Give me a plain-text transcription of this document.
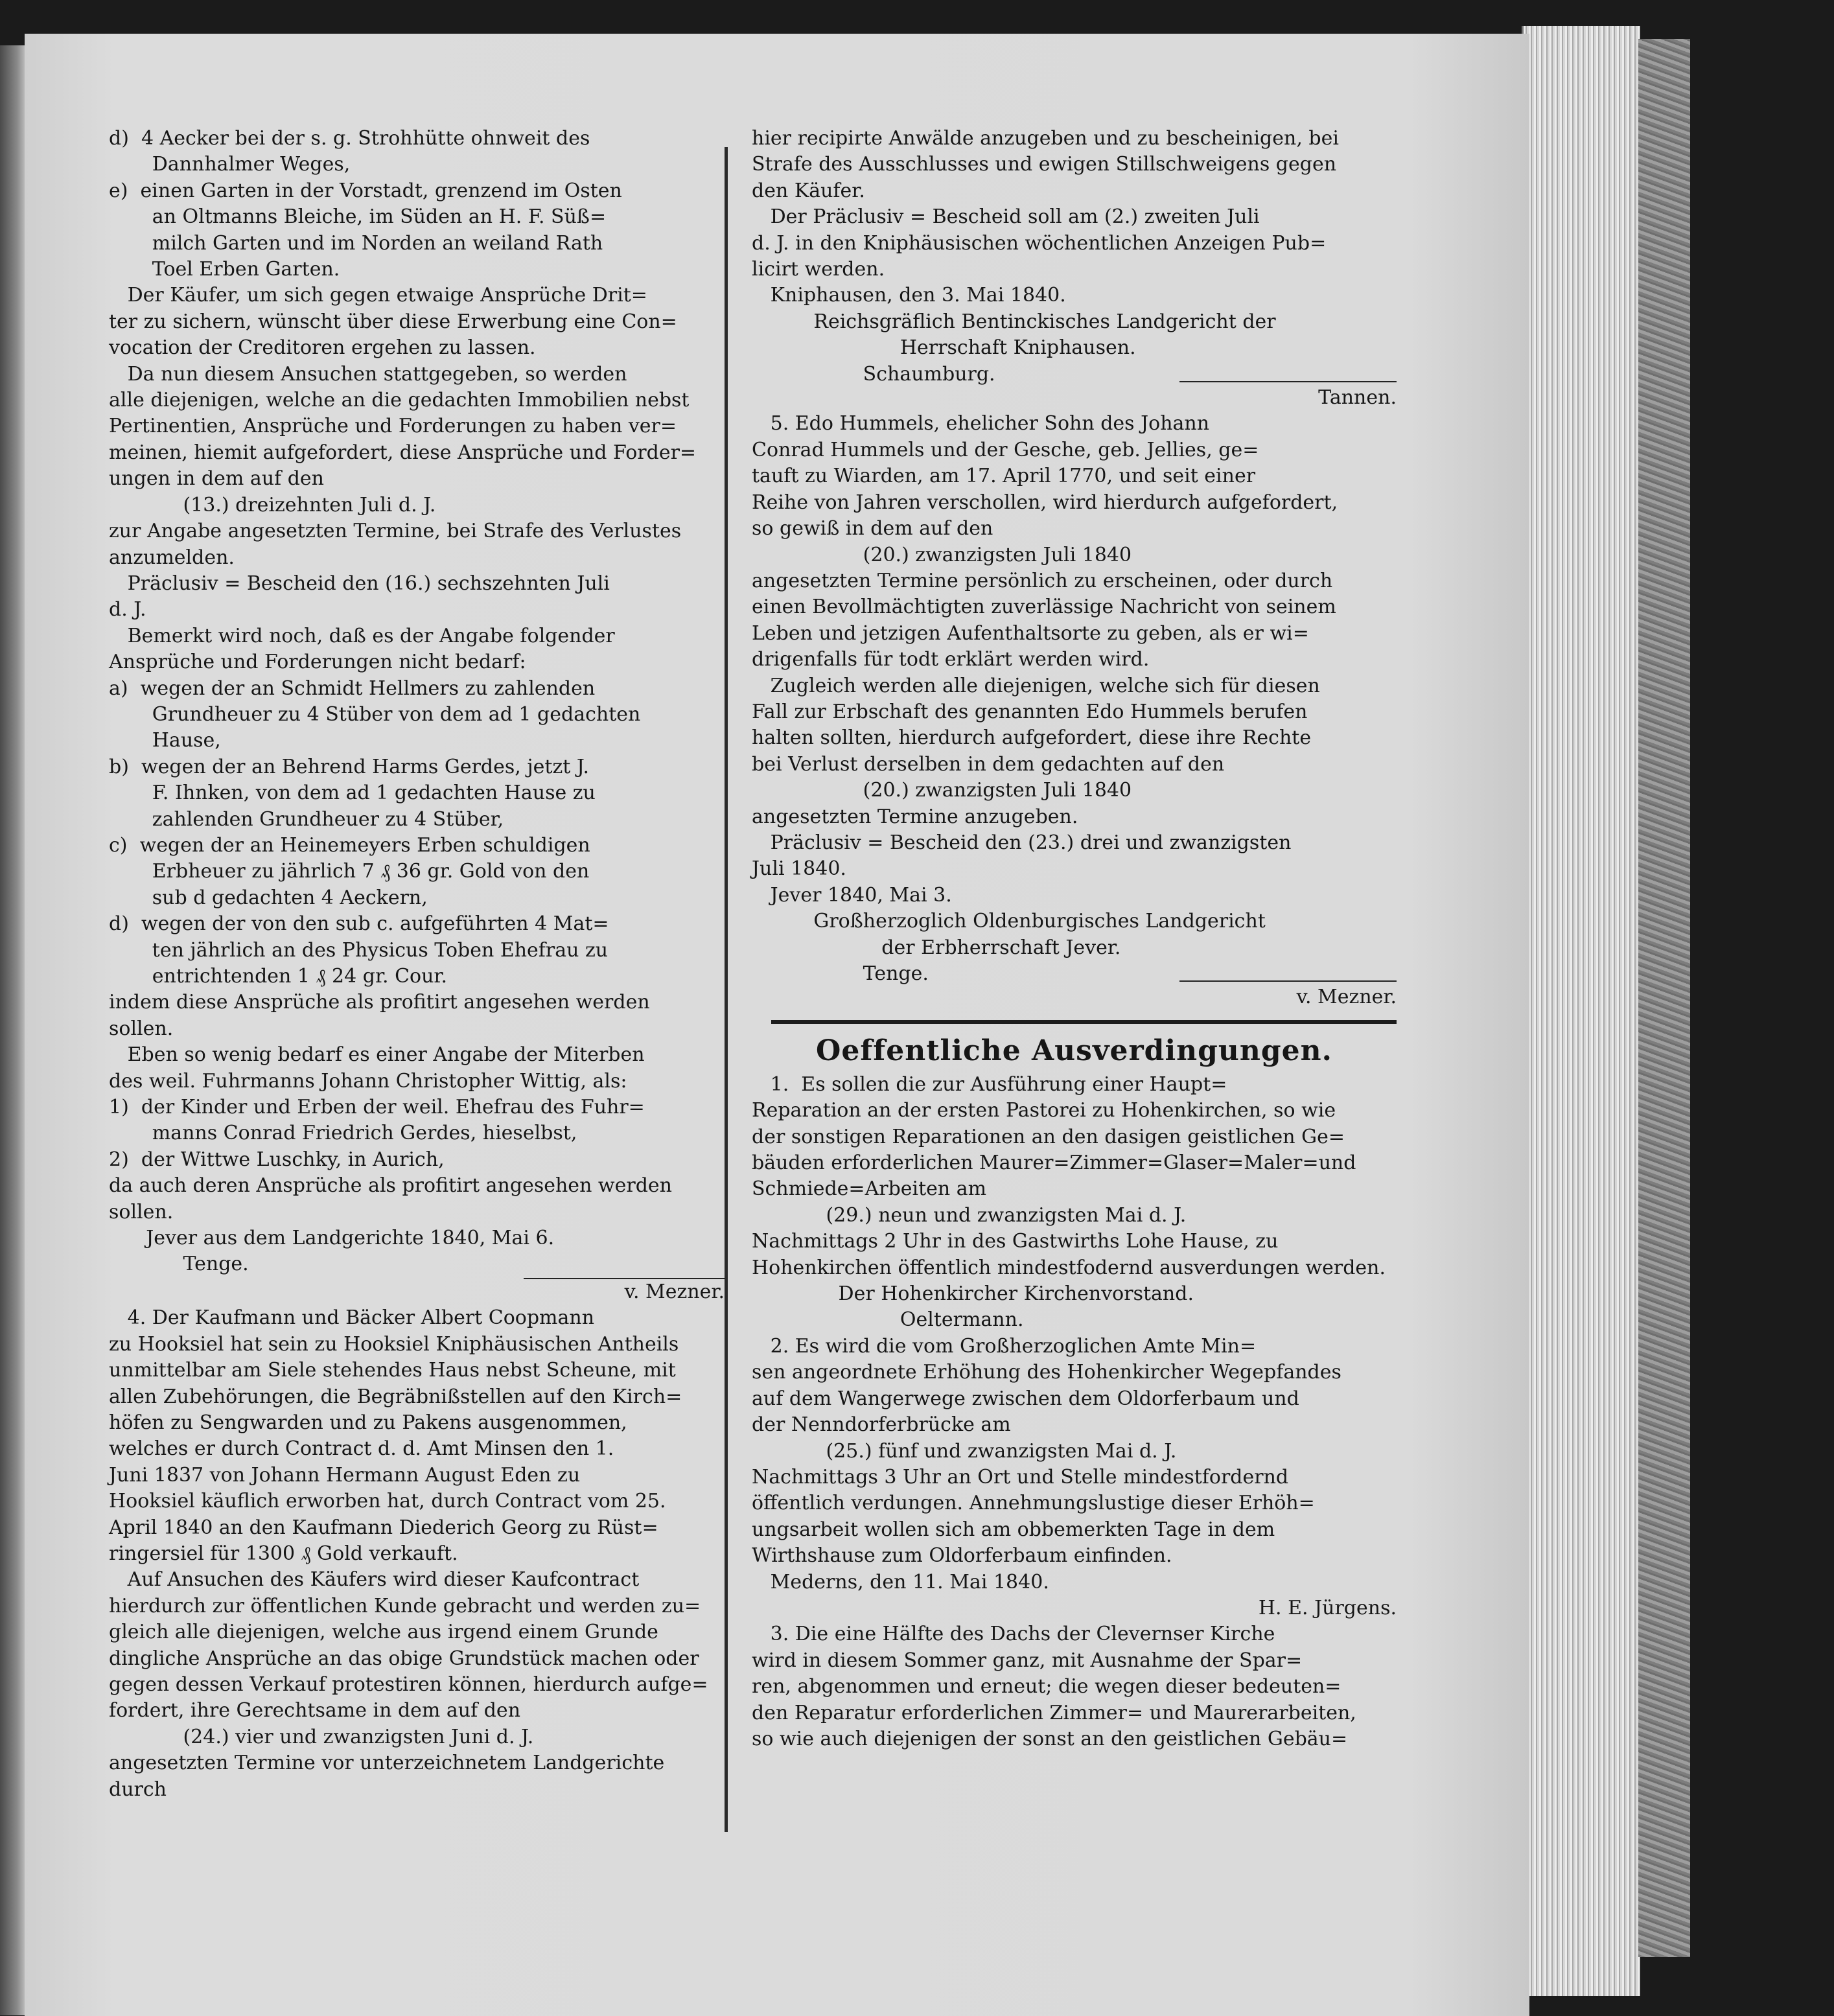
d)  4 Aecker bei der s. g. Strohhütte ohnweit des

Dannhalmer Weges,

e)  einen Garten in der Vorstadt, grenzend im Osten

an Oltmanns Bleiche, im Süden an H. F. Süß=

milch Garten und im Norden an weiland Rath

Toel Erben Garten.

Der Käufer, um sich gegen etwaige Ansprüche Drit=

ter zu sichern, wünscht über diese Erwerbung eine Con=

vocation der Creditoren ergehen zu lassen.

Da nun diesem Ansuchen stattgegeben, so werden

alle diejenigen, welche an die gedachten Immobilien nebst

Pertinentien, Ansprüche und Forderungen zu haben ver=

meinen, hiemit aufgefordert, diese Ansprüche und Forder=

ungen in dem auf den

(13.) dreizehnten Juli d. J.

zur Angabe angesetzten Termine, bei Strafe des Verlustes

anzumelden.

Präclusiv = Bescheid den (16.) sechszehnten Juli

d. J.

Bemerkt wird noch, daß es der Angabe folgender

Ansprüche und Forderungen nicht bedarf:

a)  wegen der an Schmidt Hellmers zu zahlenden

Grundheuer zu 4 Stüber von dem ad 1 gedachten

Hause,

b)  wegen der an Behrend Harms Gerdes, jetzt J.

F. Ihnken, von dem ad 1 gedachten Hause zu

zahlenden Grundheuer zu 4 Stüber,

c)  wegen der an Heinemeyers Erben schuldigen

Erbheuer zu jährlich 7 ₰ 36 gr. Gold von den

sub d gedachten 4 Aeckern,

d)  wegen der von den sub c. aufgeführten 4 Mat=

ten jährlich an des Physicus Toben Ehefrau zu

entrichtenden 1 ₰ 24 gr. Cour.

indem diese Ansprüche als profitirt angesehen werden

sollen.

Eben so wenig bedarf es einer Angabe der Miterben

des weil. Fuhrmanns Johann Christopher Wittig, als:

1)  der Kinder und Erben der weil. Ehefrau des Fuhr=

manns Conrad Friedrich Gerdes, hieselbst,

2)  der Wittwe Luschky, in Aurich,

da auch deren Ansprüche als profitirt angesehen werden

sollen.

Jever aus dem Landgerichte 1840, Mai 6.

Tenge.

v. Mezner.

4. Der Kaufmann und Bäcker Albert Coopmann

zu Hooksiel hat sein zu Hooksiel Kniphäusischen Antheils

unmittelbar am Siele stehendes Haus nebst Scheune, mit

allen Zubehörungen, die Begräbnißstellen auf den Kirch=

höfen zu Sengwarden und zu Pakens ausgenommen,

welches er durch Contract d. d. Amt Minsen den 1.

Juni 1837 von Johann Hermann August Eden zu

Hooksiel käuflich erworben hat, durch Contract vom 25.

April 1840 an den Kaufmann Diederich Georg zu Rüst=

ringersiel für 1300 ₰ Gold verkauft.

Auf Ansuchen des Käufers wird dieser Kaufcontract

hierdurch zur öffentlichen Kunde gebracht und werden zu=

gleich alle diejenigen, welche aus irgend einem Grunde

dingliche Ansprüche an das obige Grundstück machen oder

gegen dessen Verkauf protestiren können, hierdurch aufge=

fordert, ihre Gerechtsame in dem auf den

(24.) vier und zwanzigsten Juni d. J.

angesetzten Termine vor unterzeichnetem Landgerichte durch

hier recipirte Anwälde anzugeben und zu bescheinigen, bei

Strafe des Ausschlusses und ewigen Stillschweigens gegen

den Käufer.

Der Präclusiv = Bescheid soll am (2.) zweiten Juli

d. J. in den Kniphäusischen wöchentlichen Anzeigen Pub=

licirt werden.

Kniphausen, den 3. Mai 1840.

Reichsgräflich Bentinckisches Landgericht der

Herrschaft Kniphausen.

Schaumburg.

Tannen.

5. Edo Hummels, ehelicher Sohn des Johann

Conrad Hummels und der Gesche, geb. Jellies, ge=

tauft zu Wiarden, am 17. April 1770, und seit einer

Reihe von Jahren verschollen, wird hierdurch aufgefordert,

so gewiß in dem auf den

(20.) zwanzigsten Juli 1840

angesetzten Termine persönlich zu erscheinen, oder durch

einen Bevollmächtigten zuverlässige Nachricht von seinem

Leben und jetzigen Aufenthaltsorte zu geben, als er wi=

drigenfalls für todt erklärt werden wird.

Zugleich werden alle diejenigen, welche sich für diesen

Fall zur Erbschaft des genannten Edo Hummels berufen

halten sollten, hierdurch aufgefordert, diese ihre Rechte

bei Verlust derselben in dem gedachten auf den

(20.) zwanzigsten Juli 1840

angesetzten Termine anzugeben.

Präclusiv = Bescheid den (23.) drei und zwanzigsten

Juli 1840.

Jever 1840, Mai 3.

Großherzoglich Oldenburgisches Landgericht

der Erbherrschaft Jever.

Tenge.

v. Mezner.

Oeffentliche Ausverdingungen.

1.  Es sollen die zur Ausführung einer Haupt=

Reparation an der ersten Pastorei zu Hohenkirchen, so wie

der sonstigen Reparationen an den dasigen geistlichen Ge=

bäuden erforderlichen Maurer=Zimmer=Glaser=Maler=und

Schmiede=Arbeiten am

(29.) neun und zwanzigsten Mai d. J.

Nachmittags 2 Uhr in des Gastwirths Lohe Hause, zu

Hohenkirchen öffentlich mindestfodernd ausverdungen werden.

Der Hohenkircher Kirchenvorstand.

Oeltermann.

2. Es wird die vom Großherzoglichen Amte Min=

sen angeordnete Erhöhung des Hohenkircher Wegepfandes

auf dem Wangerwege zwischen dem Oldorferbaum und

der Nenndorferbrücke am

(25.) fünf und zwanzigsten Mai d. J.

Nachmittags 3 Uhr an Ort und Stelle mindestfordernd

öffentlich verdungen. Annehmungslustige dieser Erhöh=

ungsarbeit wollen sich am obbemerkten Tage in dem

Wirthshause zum Oldorferbaum einfinden.

Mederns, den 11. Mai 1840.

H. E. Jürgens.

3. Die eine Hälfte des Dachs der Clevernser Kirche

wird in diesem Sommer ganz, mit Ausnahme der Spar=

ren, abgenommen und erneut; die wegen dieser bedeuten=

den Reparatur erforderlichen Zimmer= und Maurerarbeiten,

so wie auch diejenigen der sonst an den geistlichen Gebäu=
